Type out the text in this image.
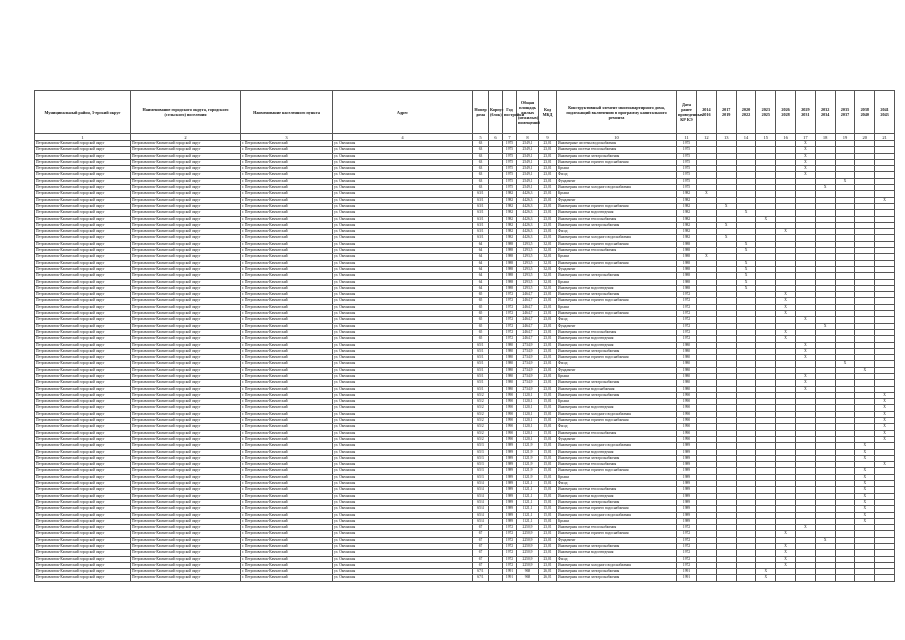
Муниципальный район, 3-ерский округ	Наименование городского округа, городского (сельского) поселения	Наименование населенного пункта	Адрес	Номер дома	Корпус (блок)	Год постройки	Общая площадь жилых (нежилых) помещений	Код МКД	Конструктивный элемент многоквартирного дома, подлежащий включению в программу капитального ремонта	Дата ранее проведенных КР КЭ	2014 2016	2017 2019	2020 2022	2023 2025	2026 2028	2029 2031	2032 2034	2035 2037	2038 2040	2041 2043
1	2	3	4	5	6	7	8	9	10	11	12	13	14	15	16	17	18	19	20	21
Петропавловск-Камчатский городской округ	Петропавловск-Камчатский городской округ	г. Петропавловск-Камчатский	ул. Океанская	63		1975	2549,1	23,01	Инженерные системы водоснабжения	1975						X				
Петропавловск-Камчатский городской округ	Петропавловск-Камчатский городской округ	г. Петропавловск-Камчатский	ул. Океанская	63		1975	2549,1	23,01	Инженерная система теплоснабжения	1975						X				
Петропавловск-Камчатский городской округ	Петропавловск-Камчатский городской округ	г. Петропавловск-Камчатский	ул. Океанская	63		1975	2549,1	23,01	Инженерная система электроснабжения	1975						X				
Петропавловск-Камчатский городской округ	Петропавловск-Камчатский городской округ	г. Петропавловск-Камчатский	ул. Океанская	63		1975	2549,1	23,01	Инженерная система горячего водоснабжения	1975						X				
Петропавловск-Камчатский городской округ	Петропавловск-Камчатский городской округ	г. Петропавловск-Камчатский	ул. Океанская	63		1975	2549,1	23,01	Крыша	1975						X				
Петропавловск-Камчатский городской округ	Петропавловск-Камчатский городской округ	г. Петропавловск-Камчатский	ул. Океанская	63		1975	2549,1	23,01	Фасад	1975						X				
Петропавловск-Камчатский городской округ	Петропавловск-Камчатский городской округ	г. Петропавловск-Камчатский	ул. Океанская	63		1975	2549,1	23,01	Фундамент	1975								X		
Петропавловск-Камчатский городской округ	Петропавловск-Камчатский городской округ	г. Петропавловск-Камчатский	ул. Океанская	63		1975	2549,1	23,01	Инженерная система холодного водоснабжения	1975							X			
Петропавловск-Камчатский городской округ	Петропавловск-Камчатский городской округ	г. Петропавловск-Камчатский	ул. Океанская	63/1		1982	4426,3	25,01	Крыша	1982	X									
Петропавловск-Камчатский городской округ	Петропавловск-Камчатский городской округ	г. Петропавловск-Камчатский	ул. Океанская	63/1		1982	4426,3	25,01	Фундамент	1982										X
Петропавловск-Камчатский городской округ	Петропавловск-Камчатский городской округ	г. Петропавловск-Камчатский	ул. Океанская	63/1		1982	4426,3	23,01	Инженерная система горячего водоснабжения	1982		X								
Петропавловск-Камчатский городской округ	Петропавловск-Камчатский городской округ	г. Петропавловск-Камчатский	ул. Океанская	63/1		1982	4426,3	23,01	Инженерная система водоотведения	1982			X							
Петропавловск-Камчатский городской округ	Петропавловск-Камчатский городской округ	г. Петропавловск-Камчатский	ул. Океанская	63/1		1982	4426,3	23,01	Инженерная система теплоснабжения	1982				X						
Петропавловск-Камчатский городской округ	Петропавловск-Камчатский городской округ	г. Петропавловск-Камчатский	ул. Океанская	63/1		1982	4426,3	23,01	Инженерная система электроснабжения	1982		X								
Петропавловск-Камчатский городской округ	Петропавловск-Камчатский городской округ	г. Петропавловск-Камчатский	ул. Океанская	63/1		1982	4426,3	23,01	Фасад	1982					X					
Петропавловск-Камчатский городской округ	Петропавловск-Камчатский городской округ	г. Петропавловск-Камчатский	ул. Океанская	63/1		1982	4426,3	23,01	Инженерная система холодного водоснабжения	1982		X								
Петропавловск-Камчатский городской округ	Петропавловск-Камчатский городской округ	г. Петропавловск-Камчатский	ул. Океанская	64		1988	1293,5	32,01	Инженерная система горячего водоснабжения	1988			X							
Петропавловск-Камчатский городской округ	Петропавловск-Камчатский городской округ	г. Петропавловск-Камчатский	ул. Океанская	64		1988	1293,5	32,01	Инженерная система теплоснабжения	1988			X							
Петропавловск-Камчатский городской округ	Петропавловск-Камчатский городской округ	г. Петропавловск-Камчатский	ул. Океанская	64		1988	1293,5	32,01	Крыша	1988	X									
Петропавловск-Камчатский городской округ	Петропавловск-Камчатский городской округ	г. Петропавловск-Камчатский	ул. Океанская	64		1988	1293,5	32,01	Инженерная система горячего водоснабжения	1988			X							
Петропавловск-Камчатский городской округ	Петропавловск-Камчатский городской округ	г. Петропавловск-Камчатский	ул. Океанская	64		1988	1293,5	32,01	Фундамент	1988			X							
Петропавловск-Камчатский городской округ	Петропавловск-Камчатский городской округ	г. Петропавловск-Камчатский	ул. Океанская	64		1988	1293,5	32,01	Инженерная система электроснабжения	1988			X							
Петропавловск-Камчатский городской округ	Петропавловск-Камчатский городской округ	г. Петропавловск-Камчатский	ул. Океанская	64		1988	1293,5	32,01	Крыша	1988			X							
Петропавловск-Камчатский городской округ	Петропавловск-Камчатский городской округ	г. Петропавловск-Камчатский	ул. Океанская	64		1988	1293,5	32,01	Инженерная система водоотведения	1988			X							
Петропавловск-Камчатский городской округ	Петропавловск-Камчатский городской округ	г. Петропавловск-Камчатский	ул. Океанская	65		1972	2464,7	23,01	Инженерная система электроснабжения	1972					X					
Петропавловск-Камчатский городской округ	Петропавловск-Камчатский городской округ	г. Петропавловск-Камчатский	ул. Океанская	65		1972	2464,7	23,01	Инженерная система горячего водоснабжения	1972					X					
Петропавловск-Камчатский городской округ	Петропавловск-Камчатский городской округ	г. Петропавловск-Камчатский	ул. Океанская	65		1972	2464,7	23,01	Крыша	1972					X					
Петропавловск-Камчатский городской округ	Петропавловск-Камчатский городской округ	г. Петропавловск-Камчатский	ул. Океанская	65		1972	2464,7	23,01	Инженерная система горячего водоснабжения	1972					X					
Петропавловск-Камчатский городской округ	Петропавловск-Камчатский городской округ	г. Петропавловск-Камчатский	ул. Океанская	65		1972	2464,7	23,01	Фасад	1972						X				
Петропавловск-Камчатский городской округ	Петропавловск-Камчатский городской округ	г. Петропавловск-Камчатский	ул. Океанская	65		1972	2464,7	23,01	Фундамент	1972							X			
Петропавловск-Камчатский городской округ	Петропавловск-Камчатский городской округ	г. Петропавловск-Камчатский	ул. Океанская	65		1972	2464,7	23,01	Инженерная система теплоснабжения	1972					X					
Петропавловск-Камчатский городской округ	Петропавловск-Камчатский городской округ	г. Петропавловск-Камчатский	ул. Океанская	65		1972	2464,7	23,01	Инженерная система водоотведения	1972					X					
Петропавловск-Камчатский городской округ	Петропавловск-Камчатский городской округ	г. Петропавловск-Камчатский	ул. Океанская	65/1		1980	2734,9	23,01	Инженерная система водоотведения	1980						X				
Петропавловск-Камчатский городской округ	Петропавловск-Камчатский городской округ	г. Петропавловск-Камчатский	ул. Океанская	65/1		1980	2734,9	23,01	Инженерная система электроснабжения	1980						X				
Петропавловск-Камчатский городской округ	Петропавловск-Камчатский городской округ	г. Петропавловск-Камчатский	ул. Океанская	65/1		1980	2734,9	23,01	Инженерная система горячего водоснабжения	1980						X				
Петропавловск-Камчатский городской округ	Петропавловск-Камчатский городской округ	г. Петропавловск-Камчатский	ул. Океанская	65/1		1980	2734,9	23,01	Фасад	1980								X		
Петропавловск-Камчатский городской округ	Петропавловск-Камчатский городской округ	г. Петропавловск-Камчатский	ул. Океанская	65/1		1980	2734,9	23,01	Фундамент	1980									X	
Петропавловск-Камчатский городской округ	Петропавловск-Камчатский городской округ	г. Петропавловск-Камчатский	ул. Океанская	65/1		1980	2734,9	23,01	Крыша	1980						X				
Петропавловск-Камчатский городской округ	Петропавловск-Камчатский городской округ	г. Петропавловск-Камчатский	ул. Океанская	65/1		1980	2734,9	23,01	Инженерная система электроснабжения	1980						X				
Петропавловск-Камчатский городской округ	Петропавловск-Камчатский городской округ	г. Петропавловск-Камчатский	ул. Океанская	65/1		1980	2734,9	23,01	Инженерная система водоснабжения	1980						X				
Петропавловск-Камчатский городской округ	Петропавловск-Камчатский городской округ	г. Петропавловск-Камчатский	ул. Океанская	65/2		1990	1120,1	15,01	Инженерная система электроснабжения	1990										X
Петропавловск-Камчатский городской округ	Петропавловск-Камчатский городской округ	г. Петропавловск-Камчатский	ул. Океанская	65/2		1990	1120,1	15,01	Крыша	1990										X
Петропавловск-Камчатский городской округ	Петропавловск-Камчатский городской округ	г. Петропавловск-Камчатский	ул. Океанская	65/2		1990	1120,1	15,01	Инженерная система водоотведения	1990										X
Петропавловск-Камчатский городской округ	Петропавловск-Камчатский городской округ	г. Петропавловск-Камчатский	ул. Океанская	65/2		1990	1120,1	15,01	Инженерная система холодного водоснабжения	1990										X
Петропавловск-Камчатский городской округ	Петропавловск-Камчатский городской округ	г. Петропавловск-Камчатский	ул. Океанская	65/2		1990	1120,1	15,01	Инженерная система горячего водоснабжения	1990										X
Петропавловск-Камчатский городской округ	Петропавловск-Камчатский городской округ	г. Петропавловск-Камчатский	ул. Океанская	65/2		1990	1120,1	15,01	Фасад	1990										X
Петропавловск-Камчатский городской округ	Петропавловск-Камчатский городской округ	г. Петропавловск-Камчатский	ул. Океанская	65/2		1990	1120,1	15,01	Инженерная система теплоснабжения	1990										X
Петропавловск-Камчатский городской округ	Петропавловск-Камчатский городской округ	г. Петропавловск-Камчатский	ул. Океанская	65/2		1990	1120,1	15,01	Фундамент	1990										X
Петропавловск-Камчатский городской округ	Петропавловск-Камчатский городской округ	г. Петропавловск-Камчатский	ул. Океанская	65/3		1989	1121,9	15,01	Инженерная система холодного водоснабжения	1989									X	
Петропавловск-Камчатский городской округ	Петропавловск-Камчатский городской округ	г. Петропавловск-Камчатский	ул. Океанская	65/3		1989	1121,9	15,01	Инженерная система водоотведения	1989									X	
Петропавловск-Камчатский городской округ	Петропавловск-Камчатский городской округ	г. Петропавловск-Камчатский	ул. Океанская	65/3		1989	1121,9	15,01	Инженерная система электроснабжения	1989									X	
Петропавловск-Камчатский городской округ	Петропавловск-Камчатский городской округ	г. Петропавловск-Камчатский	ул. Океанская	65/3		1989	1121,9	15,01	Инженерная система теплоснабжения	1989										X
Петропавловск-Камчатский городской округ	Петропавловск-Камчатский городской округ	г. Петропавловск-Камчатский	ул. Океанская	65/3		1989	1121,9	15,01	Инженерная система горячего водоснабжения	1989									X	
Петропавловск-Камчатский городской округ	Петропавловск-Камчатский городской округ	г. Петропавловск-Камчатский	ул. Океанская	65/3		1989	1121,9	15,01	Крыша	1989									X	
Петропавловск-Камчатский городской округ	Петропавловск-Камчатский городской округ	г. Петропавловск-Камчатский	ул. Океанская	65/4		1989	1121,1	15,01	Фасад	1989									X	
Петропавловск-Камчатский городской округ	Петропавловск-Камчатский городской округ	г. Петропавловск-Камчатский	ул. Океанская	65/4		1989	1121,1	15,01	Инженерная система теплоснабжения	1989									X	
Петропавловск-Камчатский городской округ	Петропавловск-Камчатский городской округ	г. Петропавловск-Камчатский	ул. Океанская	65/4		1989	1121,1	15,01	Инженерная система водоотведения	1989									X	
Петропавловск-Камчатский городской округ	Петропавловск-Камчатский городской округ	г. Петропавловск-Камчатский	ул. Океанская	65/4		1989	1121,1	15,01	Инженерная система электроснабжения	1989									X	
Петропавловск-Камчатский городской округ	Петропавловск-Камчатский городской округ	г. Петропавловск-Камчатский	ул. Океанская	65/4		1989	1121,1	15,01	Инженерная система горячего водоснабжения	1989									X	
Петропавловск-Камчатский городской округ	Петропавловск-Камчатский городской округ	г. Петропавловск-Камчатский	ул. Океанская	65/4		1989	1121,1	15,01	Инженерная система холодного водоснабжения	1989									X	
Петропавловск-Камчатский городской округ	Петропавловск-Камчатский городской округ	г. Петропавловск-Камчатский	ул. Океанская	65/4		1989	1121,1	15,01	Крыша	1989									X	
Петропавловск-Камчатский городской округ	Петропавловск-Камчатский городской округ	г. Петропавловск-Камчатский	ул. Океанская	67		1972	2250,9	23,01	Инженерная система теплоснабжения	1972						X				
Петропавловск-Камчатский городской округ	Петропавловск-Камчатский городской округ	г. Петропавловск-Камчатский	ул. Океанская	67		1972	2250,9	23,01	Инженерная система горячего водоснабжения	1972					X					
Петропавловск-Камчатский городской округ	Петропавловск-Камчатский городской округ	г. Петропавловск-Камчатский	ул. Океанская	67		1972	2250,9	23,01	Фундамент	1972							X			
Петропавловск-Камчатский городской округ	Петропавловск-Камчатский городской округ	г. Петропавловск-Камчатский	ул. Океанская	67		1972	2250,9	23,01	Инженерная система электроснабжения	1972					X					
Петропавловск-Камчатский городской округ	Петропавловск-Камчатский городской округ	г. Петропавловск-Камчатский	ул. Океанская	67		1972	2250,9	23,01	Инженерная система водоотведения	1972					X					
Петропавловск-Камчатский городской округ	Петропавловск-Камчатский городской округ	г. Петропавловск-Камчатский	ул. Океанская	67		1972	2250,9	23,01	Фасад	1972					X					
Петропавловск-Камчатский городской округ	Петропавловск-Камчатский городской округ	г. Петропавловск-Камчатский	ул. Океанская	67		1972	2250,9	23,01	Инженерная система холодного водоснабжения	1972					X					
Петропавловск-Камчатский городской округ	Петропавловск-Камчатский городской округ	г. Петропавловск-Камчатский	ул. Океанская	67/1		1991	968	26,01	Инженерная система электроснабжения	1991				X						
Петропавловск-Камчатский городской округ	Петропавловск-Камчатский городской округ	г. Петропавловск-Камчатский	ул. Океанская	67/1		1991	968	26,01	Инженерная система электроснабжения	1991				X						
